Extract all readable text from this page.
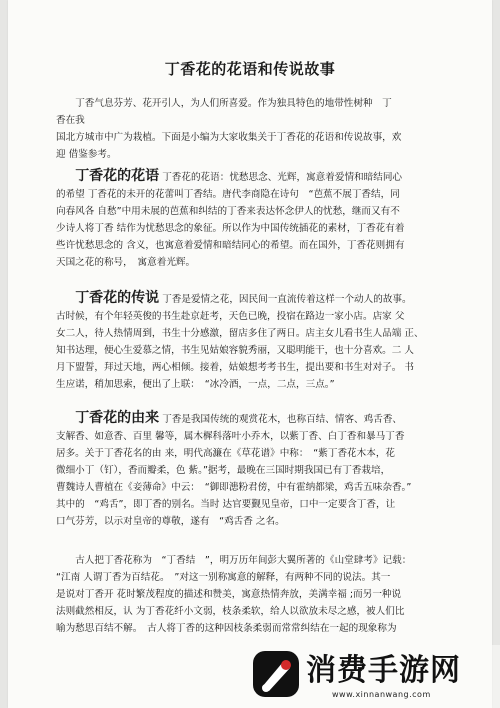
丁香花的花语和传说故事

丁香气息芬芳、花开引人，为人们所喜爱。作为独具特色的地带性树种　丁

香在我

国北方城市中广为栽植。下面是小编为大家收集关于丁香花的花语和传说故事，欢

迎 借鉴参考。

丁香花的花语 丁香花的花语：忧愁思念、光辉，寓意着爱情和暗结同心

的希望 丁香花的未开的花蕾叫丁香结。唐代李商隐在诗句　“芭蕉不展丁香结，同

向春风各 自愁”中用未展的芭蕉和纠结的丁香来表达怀念伊人的忧愁，继而又有不

少诗人将丁香 结作为忧愁思念的象征。所以作为中国传统插花的素材，丁香花有着

些许忧愁思念的 含义，也寓意着爱情和暗结同心的希望。而在国外，丁香花则拥有

天国之花的称号，　寓意着光辉。

丁香花的传说 丁香是爱情之花，因民间一直流传着这样一个动人的故事。

古时候，有个年轻英俊的书生赴京赶考，天色已晚，投宿在路边一家小店。店家 父

女二人，待人热情周到，书生十分感激，留店多住了两日。店主女儿看书生人品端 正、

知书达理，便心生爱慕之情，书生见姑娘容貌秀丽，又聪明能干，也十分喜欢。二 人

月下盟誓，拜过天地，两心相倾。接着，姑娘想考考书生，提出要和书生对对子。 书

生应诺，稍加思索，便出了上联：　“冰冷酒，一点，二点，三点。”

丁香花的由来 丁香是我国传统的观赏花木，也称百结、情客、鸡舌香、

支解香、如意香、百里 馨等，属木樨科落叶小乔木，以紫丁香、白丁香和暴马丁香

居多。关于丁香花名的由 来，明代高濂在《草花谱》中称：　“紫丁香花木本，花

微细小丁（钉），香而瓣柔，色 紫。”据考，最晚在三国时期我国已有丁香栽培，

曹魏诗人曹植在《妾薄命》中云：　“御即漶粉君傍，中有霍纳都梁，鸡舌五味杂香。”

其中的　“鸡舌”，即丁香的别名。当时 达官要觐见皇帝，口中一定要含丁香，让

口气芬芳，以示对皇帝的尊敬，遂有　“鸡舌香 之名。

古人把丁香花称为　“丁香结　”，明万历年间彭大翼所著的《山堂肆考》记载：

“江南 人谓丁香为百结花。　”对这一别称寓意的解释，有两种不同的说法。其一

是说对丁香开 花时繁茂程度的描述和赞美，寓意热情奔放，美满幸福 ;而另一种说

法则截然相反，认 为丁香花纤小文弱，枝条柔软，给人以欲放未尽之感，被人们比

喻为愁思百结不解。　古人将丁香的这种因枝条柔弱而常常纠结在一起的现象称为

消费手游网
www.xinnanwang.com
